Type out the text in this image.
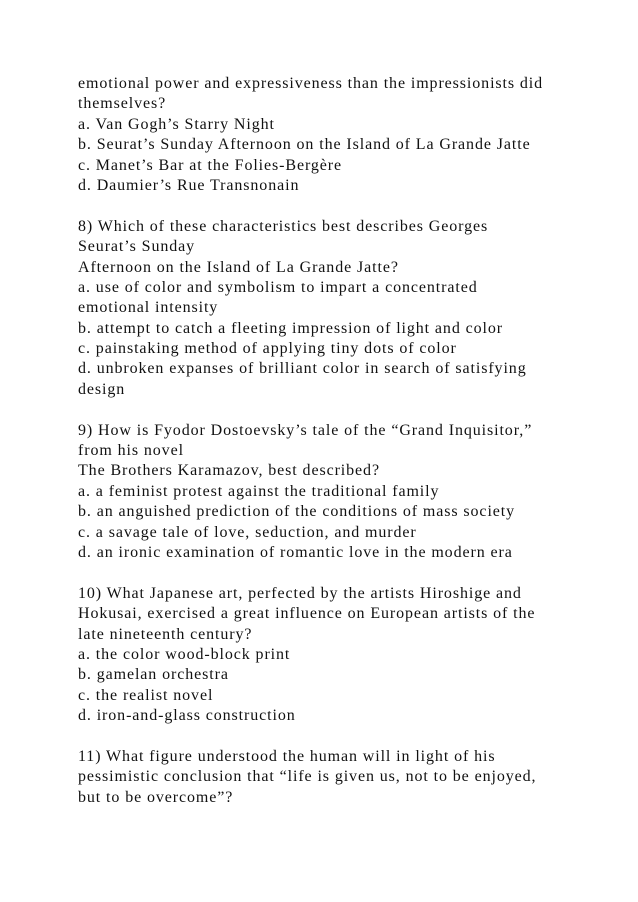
emotional power and expressiveness than the impressionists did
themselves?
a. Van Gogh’s Starry Night
b. Seurat’s Sunday Afternoon on the Island of La Grande Jatte
c. Manet’s Bar at the Folies-Bergère
d. Daumier’s Rue Transnonain
8) Which of these characteristics best describes Georges
Seurat’s Sunday
Afternoon on the Island of La Grande Jatte?
a. use of color and symbolism to impart a concentrated
emotional intensity
b. attempt to catch a fleeting impression of light and color
c. painstaking method of applying tiny dots of color
d. unbroken expanses of brilliant color in search of satisfying
design
9) How is Fyodor Dostoevsky’s tale of the “Grand Inquisitor,”
from his novel
The Brothers Karamazov, best described?
a. a feminist protest against the traditional family
b. an anguished prediction of the conditions of mass society
c. a savage tale of love, seduction, and murder
d. an ironic examination of romantic love in the modern era
10) What Japanese art, perfected by the artists Hiroshige and
Hokusai, exercised a great influence on European artists of the
late nineteenth century?
a. the color wood-block print
b. gamelan orchestra
c. the realist novel
d. iron-and-glass construction
11) What figure understood the human will in light of his
pessimistic conclusion that “life is given us, not to be enjoyed,
but to be overcome”?
